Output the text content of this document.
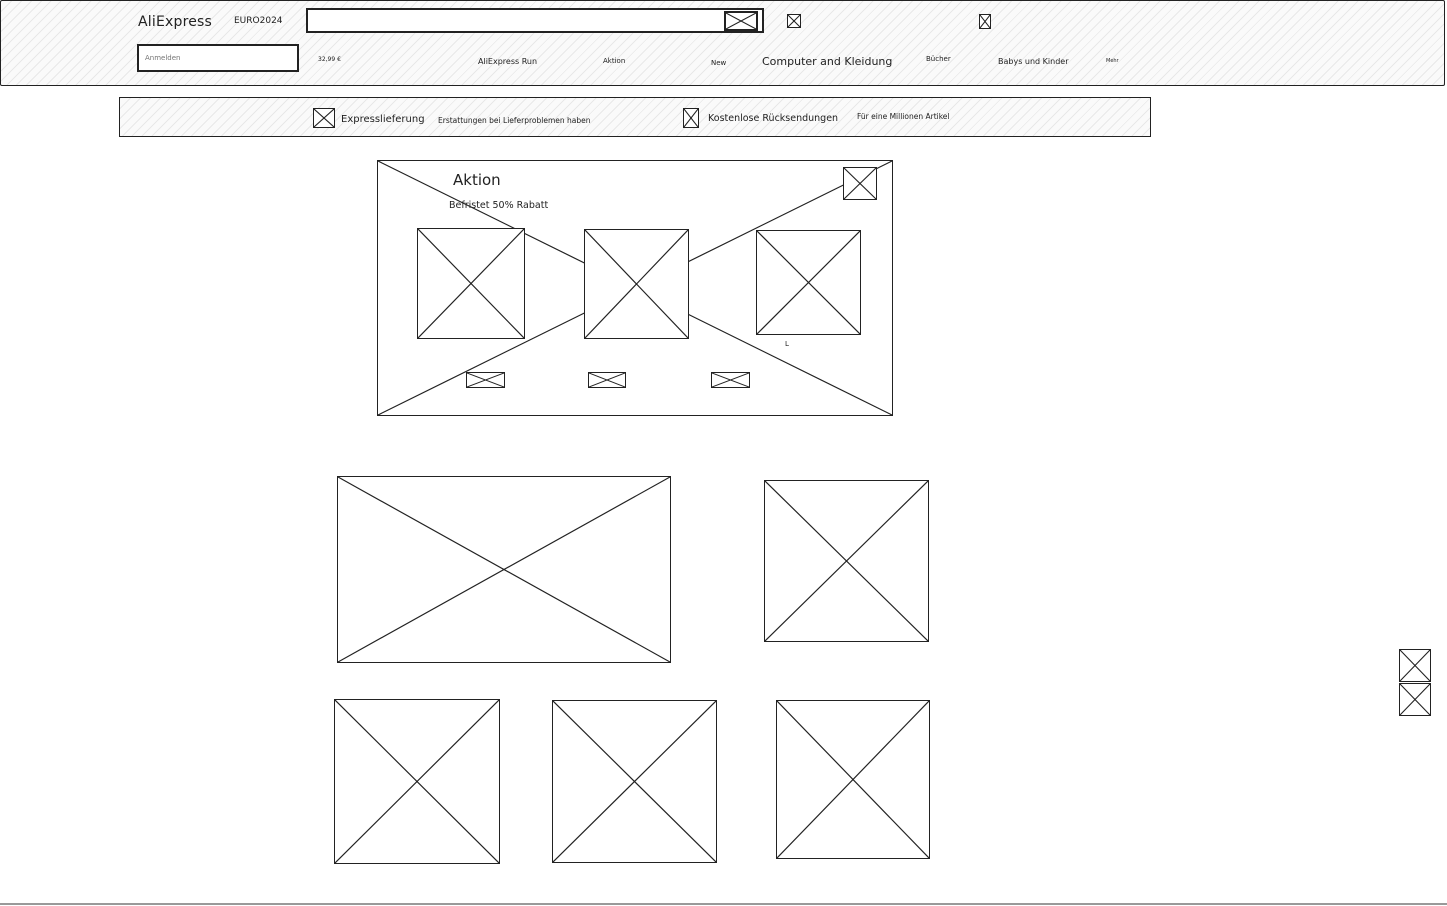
AliExpress EURO2024
Anmelden
32,99 €	AliExpress Run	Aktion	New	Computer and Kleidung	Bücher	Babys und Kinder	Mehr
Expresslieferung Erstattungen bei Lieferproblemen haben	Kostenlose Rücksendungen	Für eine Millionen Artikel
Aktion
Befristet 50% Rabatt
L
